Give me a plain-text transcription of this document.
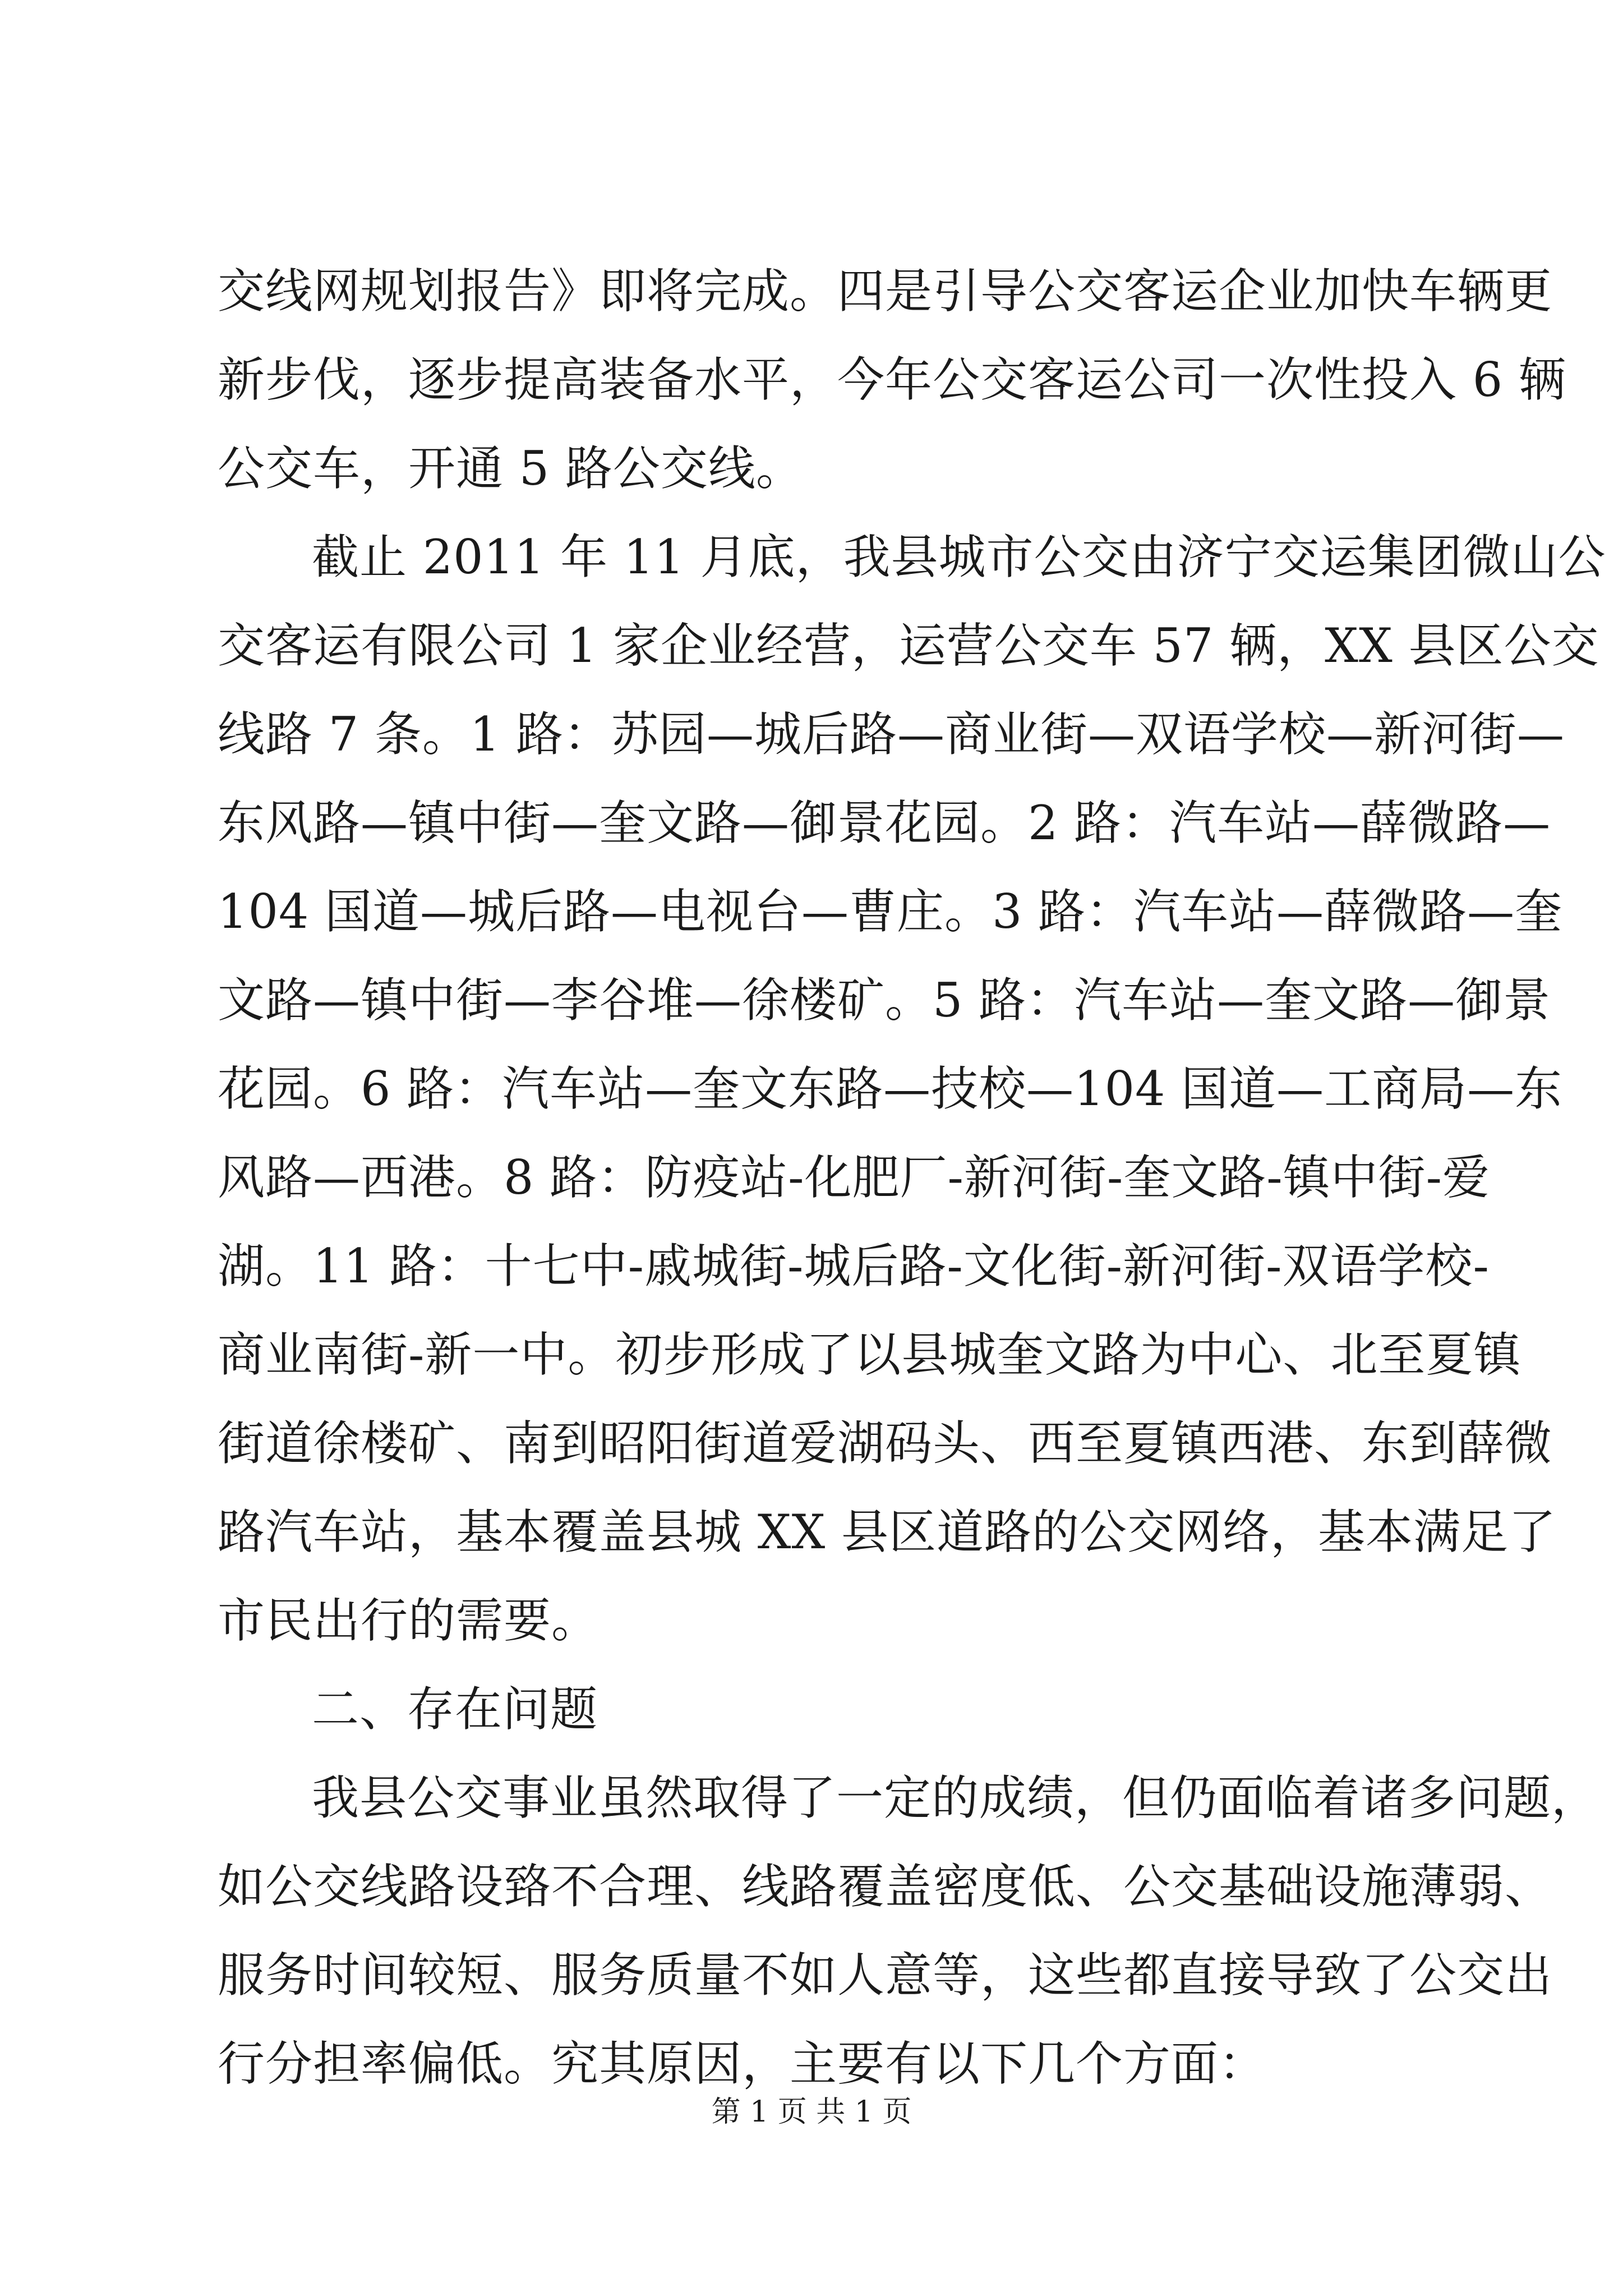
交线网规划报告》即将完成。四是引导公交客运企业加快车辆更
新步伐，逐步提高装备水平，今年公交客运公司一次性投入 6 辆
公交车，开通 5 路公交线。
截止 2011 年 11 月底，我县城市公交由济宁交运集团微山公
交客运有限公司 1 家企业经营，运营公交车 57 辆，XX 县区公交
线路 7 条。1 路：苏园—城后路—商业街—双语学校—新河街—
东风路—镇中街—奎文路—御景花园。2 路：汽车站—薛微路—
104 国道—城后路—电视台—曹庄。3 路：汽车站—薛微路—奎
文路—镇中街—李谷堆—徐楼矿。5 路：汽车站—奎文路—御景
花园。6 路：汽车站—奎文东路—技校—104 国道—工商局—东
风路—西港。8 路：防疫站-化肥厂-新河街-奎文路-镇中街-爱
湖。11 路：十七中-戚城街-城后路-文化街-新河街-双语学校-
商业南街-新一中。初步形成了以县城奎文路为中心、北至夏镇
街道徐楼矿、南到昭阳街道爱湖码头、西至夏镇西港、东到薛微
路汽车站，基本覆盖县城 XX 县区道路的公交网络，基本满足了
市民出行的需要。
二、存在问题
我县公交事业虽然取得了一定的成绩，但仍面临着诸多问题，
如公交线路设臵不合理、线路覆盖密度低、公交基础设施薄弱、
服务时间较短、服务质量不如人意等，这些都直接导致了公交出
行分担率偏低。究其原因，主要有以下几个方面：
第 1 页 共 1 页
